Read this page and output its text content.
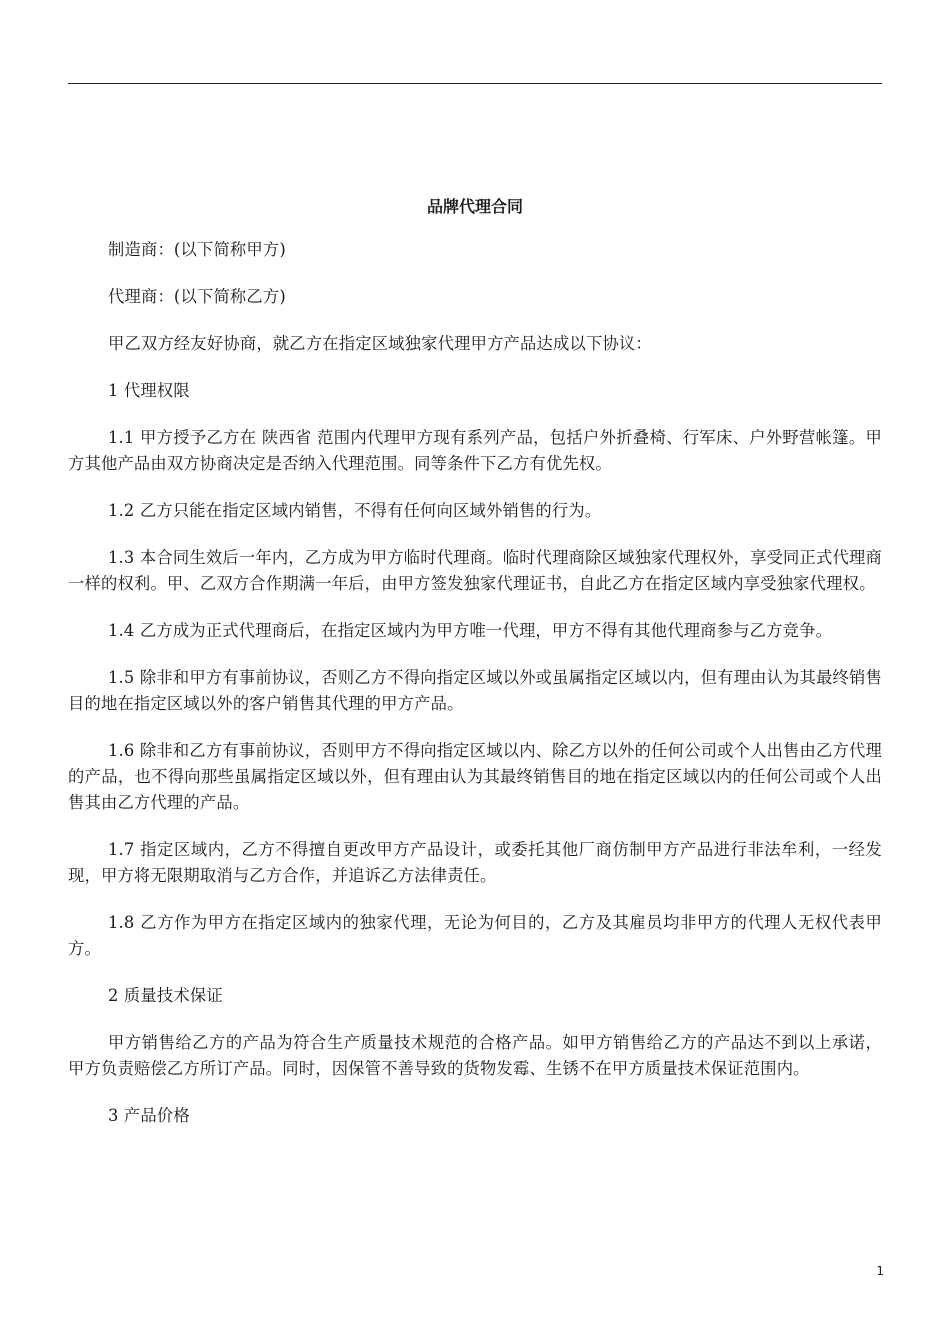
品牌代理合同

制造商：(以下简称甲方)

代理商：(以下简称乙方)

甲乙双方经友好协商，就乙方在指定区域独家代理甲方产品达成以下协议：

1 代理权限

1.1 甲方授予乙方在 陕西省 范围内代理甲方现有系列产品，包括户外折叠椅、行军床、户外野营帐篷。甲方其他产品由双方协商决定是否纳入代理范围。同等条件下乙方有优先权。

1.2 乙方只能在指定区域内销售，不得有任何向区域外销售的行为。

1.3 本合同生效后一年内，乙方成为甲方临时代理商。临时代理商除区域独家代理权外，享受同正式代理商一样的权利。甲、乙双方合作期满一年后，由甲方签发独家代理证书，自此乙方在指定区域内享受独家代理权。

1.4 乙方成为正式代理商后，在指定区域内为甲方唯一代理，甲方不得有其他代理商参与乙方竞争。

1.5 除非和甲方有事前协议，否则乙方不得向指定区域以外或虽属指定区域以内，但有理由认为其最终销售目的地在指定区域以外的客户销售其代理的甲方产品。

1.6 除非和乙方有事前协议，否则甲方不得向指定区域以内、除乙方以外的任何公司或个人出售由乙方代理的产品，也不得向那些虽属指定区域以外，但有理由认为其最终销售目的地在指定区域以内的任何公司或个人出售其由乙方代理的产品。

1.7 指定区域内，乙方不得擅自更改甲方产品设计，或委托其他厂商仿制甲方产品进行非法牟利，一经发现，甲方将无限期取消与乙方合作，并追诉乙方法律责任。

1.8 乙方作为甲方在指定区域内的独家代理，无论为何目的，乙方及其雇员均非甲方的代理人无权代表甲方。

2 质量技术保证

甲方销售给乙方的产品为符合生产质量技术规范的合格产品。如甲方销售给乙方的产品达不到以上承诺，甲方负责赔偿乙方所订产品。同时，因保管不善导致的货物发霉、生锈不在甲方质量技术保证范围内。

3 产品价格

1
